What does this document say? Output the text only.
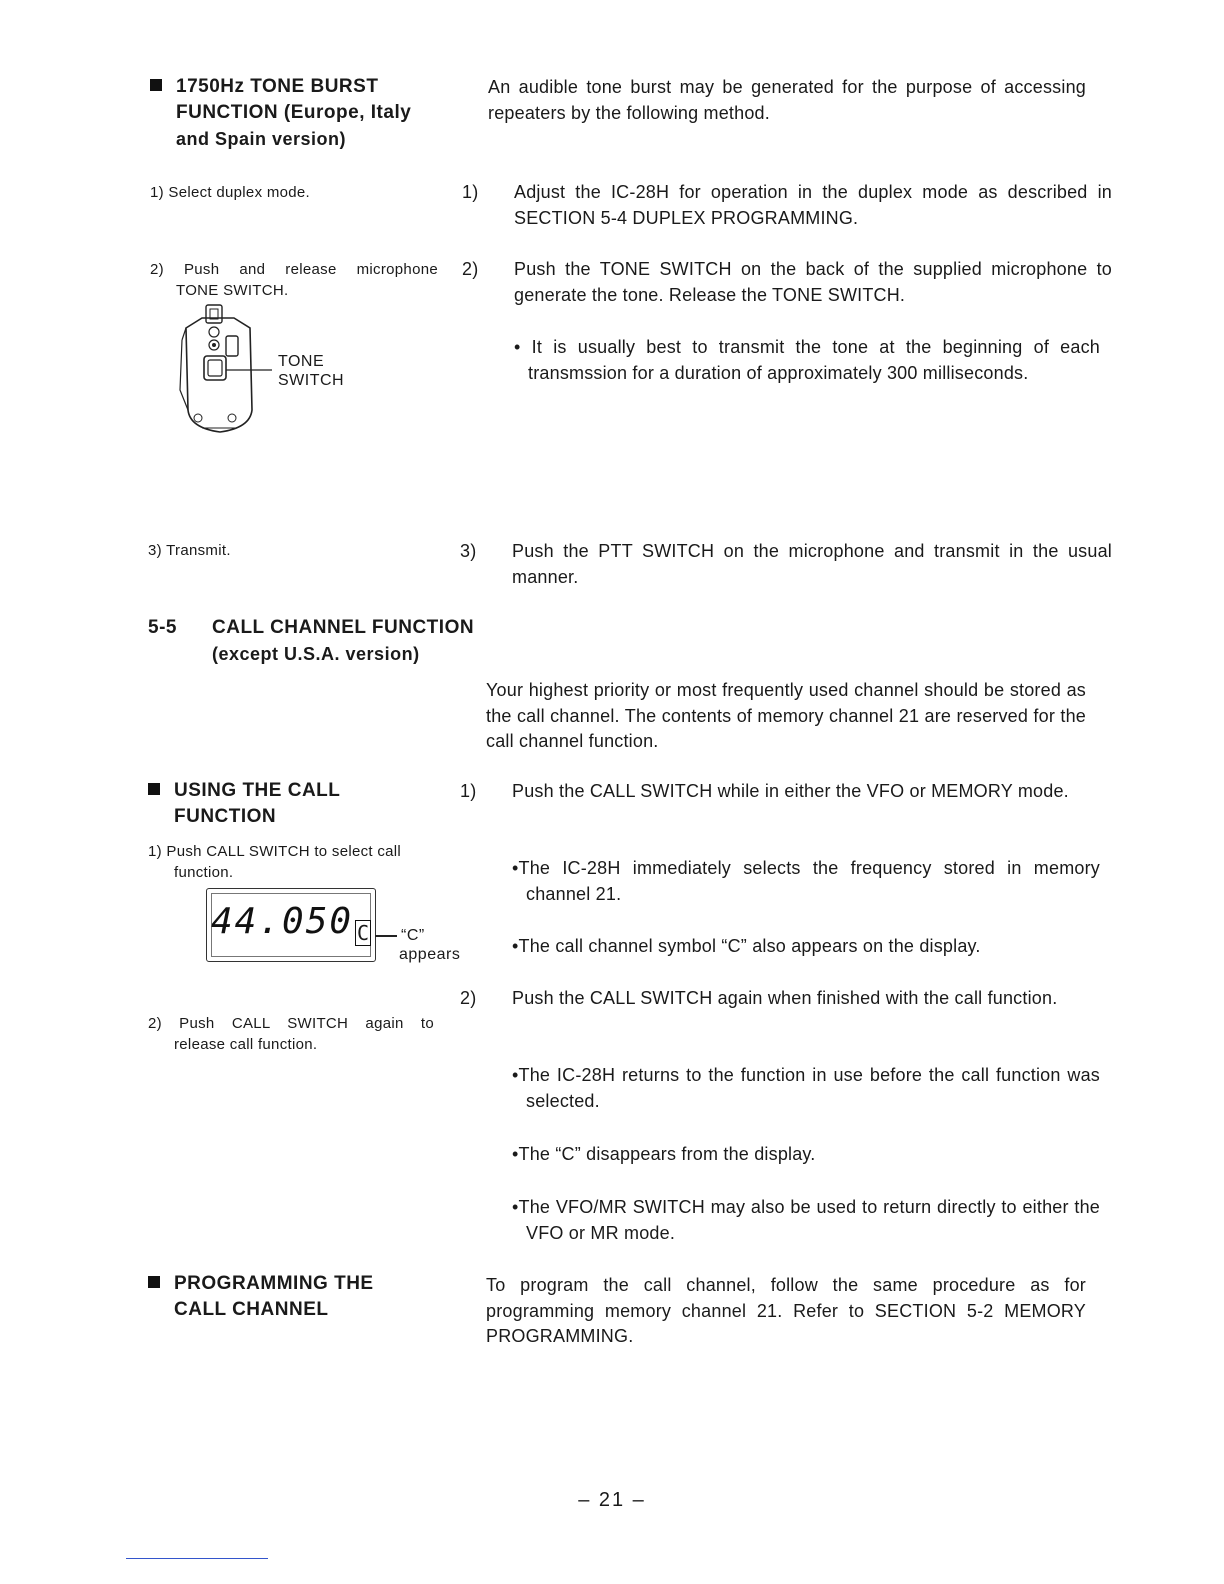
1750Hz TONE BURST
FUNCTION (Europe, Italy
and Spain version)
An audible tone burst may be generated for the purpose of accessing repeaters by the following method.
1) Select duplex mode.	1) Adjust the IC-28H for operation in the duplex mode as described in SECTION 5-4 DUPLEX PROGRAMMING.
2) Push and release microphone
TONE SWITCH.
2) Push the TONE SWITCH on the back of the supplied microphone to generate the tone. Release the TONE SWITCH.
• It is usually best to transmit the tone at the beginning of each transmssion for a duration of approximately 300 milliseconds.
TONE
SWITCH
3) Transmit.	3) Push the PTT SWITCH on the microphone and transmit in the usual manner.
5-5 CALL CHANNEL FUNCTION
(except U.S.A. version)
Your highest priority or most frequently used channel should be stored as the call channel. The contents of memory channel 21 are reserved for the call channel function.
USING THE CALL
FUNCTION
1) Push CALL SWITCH to select call
function.
1) Push the CALL SWITCH while in either the VFO or MEMORY mode.
•The IC-28H immediately selects the frequency stored in memory channel 21.
•The call channel symbol “C” also appears on the display.
44.050 C “C”
appears
2) Push the CALL SWITCH again when finished with the call function.
2) Push CALL SWITCH again to
release call function.
•The IC-28H returns to the function in use before the call function was selected.
•The “C” disappears from the display.
•The VFO/MR SWITCH may also be used to return directly to either the VFO or MR mode.
PROGRAMMING THE
CALL CHANNEL
To program the call channel, follow the same procedure as for programming memory channel 21. Refer to SECTION 5-2 MEMORY PROGRAMMING.
– 21 –
